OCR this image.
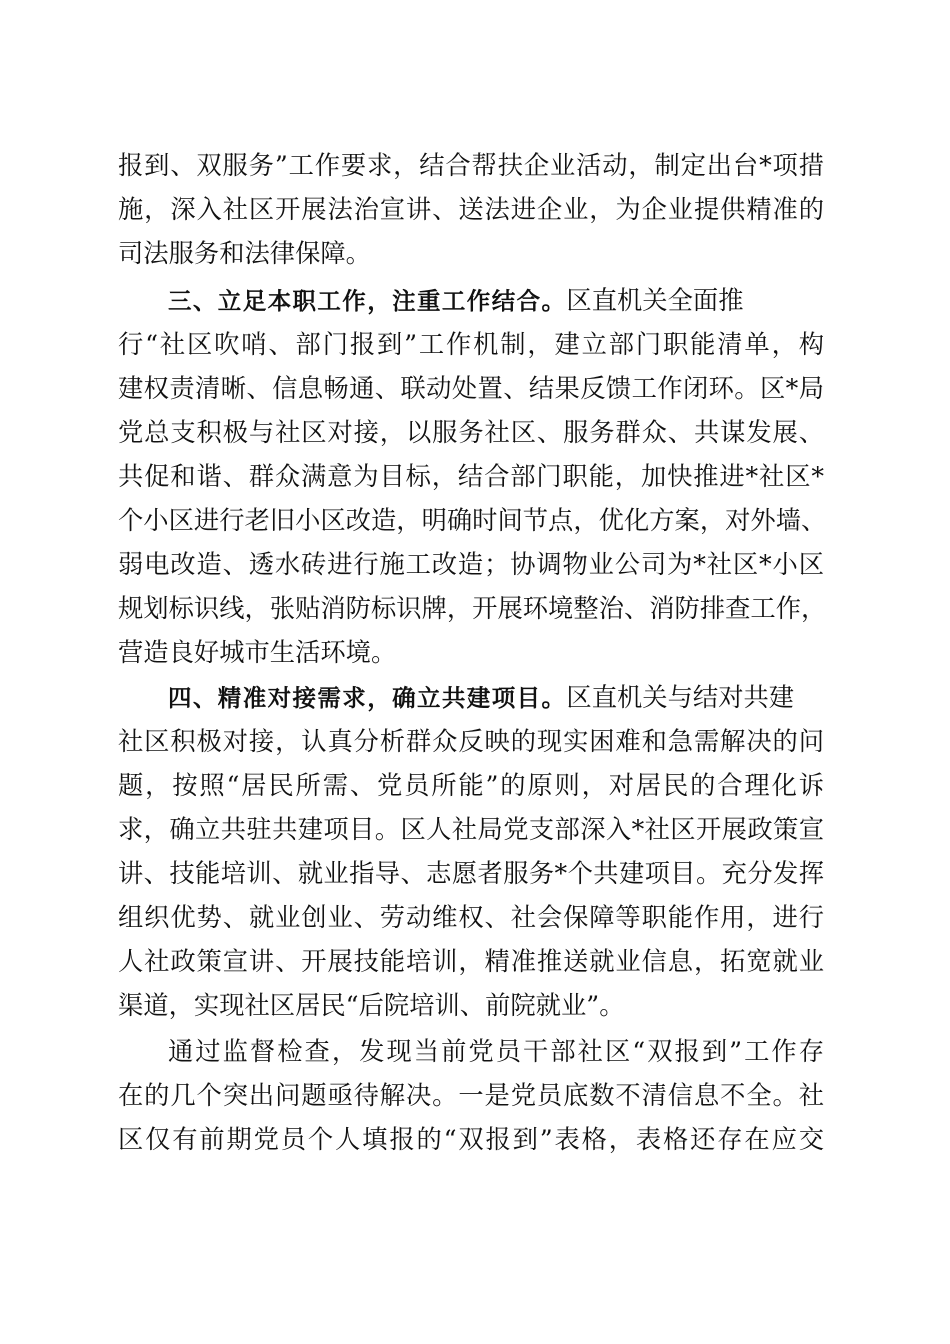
报到、双服务”工作要求，结合帮扶企业活动，制定出台*项措
施，深入社区开展法治宣讲、送法进企业，为企业提供精准的
司法服务和法律保障。
三、立足本职工作，注重工作结合。区直机关全面推
行“社区吹哨、部门报到”工作机制，建立部门职能清单，构
建权责清晰、信息畅通、联动处置、结果反馈工作闭环。区*局
党总支积极与社区对接，以服务社区、服务群众、共谋发展、
共促和谐、群众满意为目标，结合部门职能，加快推进*社区*
个小区进行老旧小区改造，明确时间节点，优化方案，对外墙、
弱电改造、透水砖进行施工改造；协调物业公司为*社区*小区
规划标识线，张贴消防标识牌，开展环境整治、消防排查工作，
营造良好城市生活环境。
四、精准对接需求，确立共建项目。区直机关与结对共建
社区积极对接，认真分析群众反映的现实困难和急需解决的问
题，按照“居民所需、党员所能”的原则，对居民的合理化诉
求，确立共驻共建项目。区人社局党支部深入*社区开展政策宣
讲、技能培训、就业指导、志愿者服务*个共建项目。充分发挥
组织优势、就业创业、劳动维权、社会保障等职能作用，进行
人社政策宣讲、开展技能培训，精准推送就业信息，拓宽就业
渠道，实现社区居民“后院培训、前院就业”。
通过监督检查，发现当前党员干部社区“双报到”工作存
在的几个突出问题亟待解决。一是党员底数不清信息不全。社
区仅有前期党员个人填报的“双报到”表格，表格还存在应交
